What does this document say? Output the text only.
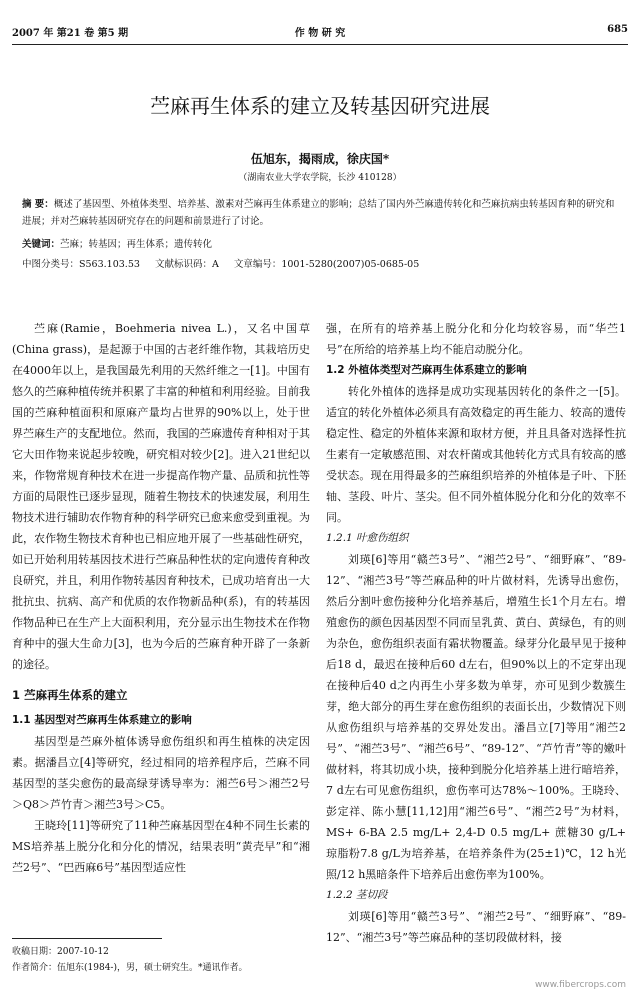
2007 年 第21 卷 第5 期	作 物 研 究	685
苎麻再生体系的建立及转基因研究进展
伍旭东，揭雨成，徐庆国*
（湖南农业大学农学院，长沙 410128）
摘 要：概述了基因型、外植体类型、培养基、激素对苎麻再生体系建立的影响；总结了国内外苎麻遗传转化和苎麻抗病虫转基因育种的研究和进展；并对苎麻转基因研究存在的问题和前景进行了讨论。
关键词：苎麻；转基因；再生体系；遗传转化
中图分类号：S563.103.53 文献标识码：A 文章编号：1001-5280(2007)05-0685-05

苎麻(Ramie，Boehmeria nivea L.)，又名中国草(China grass)，是起源于中国的古老纤维作物，其栽培历史在4000年以上，是我国最先利用的天然纤维之一[1]。中国有悠久的苎麻种植传统并积累了丰富的种植和利用经验。目前我国的苎麻种植面积和原麻产量均占世界的90%以上，处于世界苎麻生产的支配地位。然而，我国的苎麻遗传育种相对于其它大田作物来说起步较晚，研究相对较少[2]。进入21世纪以来，作物常规育种技术在进一步提高作物产量、品质和抗性等方面的局限性已逐步显现，随着生物技术的快速发展，利用生物技术进行辅助农作物育种的科学研究已愈来愈受到重视。为此，农作物生物技术育种也已相应地开展了一些基础性研究，如已开始利用转基因技术进行苎麻品种性状的定向遗传育种改良研究，并且，利用作物转基因育种技术，已成功培育出一大批抗虫、抗病、高产和优质的农作物新品种(系)，有的转基因作物品种已在生产上大面积利用，充分显示出生物技术在作物育种中的强大生命力[3]，也为今后的苎麻育种开辟了一条新的途径。

1 苎麻再生体系的建立
1.1 基因型对苎麻再生体系建立的影响

基因型是苎麻外植体诱导愈伤组织和再生植株的决定因素。据潘昌立[4]等研究，经过相同的培养程序后，苎麻不同基因型的茎尖愈伤的最高绿芽诱导率为：湘苎6号＞湘苎2号＞Q8＞芦竹青＞湘苎3号＞C5。

王晓玲[11]等研究了11种苎麻基因型在4种不同生长素的MS培养基上脱分化和分化的情况，结果表明“黄壳早”和“湘苎2号”、“巴西麻6号”基因型适应性

强，在所有的培养基上脱分化和分化均较容易，而“华苎1号”在所给的培养基上均不能启动脱分化。

1.2 外植体类型对苎麻再生体系建立的影响

转化外植体的选择是成功实现基因转化的条件之一[5]。适宜的转化外植体必须具有高效稳定的再生能力、较高的遗传稳定性、稳定的外植体来源和取材方便，并且具备对选择性抗生素有一定敏感范围、对农杆菌或其他转化方式具有较高的感受状态。现在用得最多的苎麻组织培养的外植体是子叶、下胚轴、茎段、叶片、茎尖。但不同外植体脱分化和分化的效率不同。

1.2.1 叶愈伤组织

刘瑛[6]等用“赣苎3号”、“湘苎2号”、“细野麻”、“89-12”、“湘苎3号”等苎麻品种的叶片做材料，先诱导出愈伤，然后分割叶愈伤接种分化培养基后，增殖生长1个月左右。增殖愈伤的颜色因基因型不同而呈乳黄、黄白、黄绿色，有的则为杂色，愈伤组织表面有霜状物覆盖。绿芽分化最早见于接种后18 d，最迟在接种后60 d左右，但90%以上的不定芽出现在接种后40 d之内再生小芽多数为单芽，亦可见到少数簇生芽，绝大部分的再生芽在愈伤组织的表面长出，少数情况下则从愈伤组织与培养基的交界处发出。潘昌立[7]等用“湘苎2号”、“湘苎3号”、“湘苎6号”、“89-12”、“芦竹青”等的嫩叶做材料，将其切成小块，接种到脱分化培养基上进行暗培养，7 d左右可见愈伤组织，愈伤率可达78%～100%。王晓玲、彭定祥、陈小慧[11,12]用“湘苎6号”、“湘苎2号”为材料，MS+ 6-BA 2.5 mg/L+ 2,4-D 0.5 mg/L+ 蔗糖30 g/L+ 琼脂粉7.8 g/L为培养基，在培养条件为(25±1)℃，12 h光照/12 h黑暗条件下培养后出愈伤率为100%。

1.2.2 茎切段

刘瑛[6]等用“赣苎3号”、“湘苎2号”、“细野麻”、“89-12”、“湘苎3号”等苎麻品种的茎切段做材料，接

收稿日期：2007-10-12
作者简介：伍旭东(1984-)，男，硕士研究生。*通讯作者。
www.fibercrops.com
